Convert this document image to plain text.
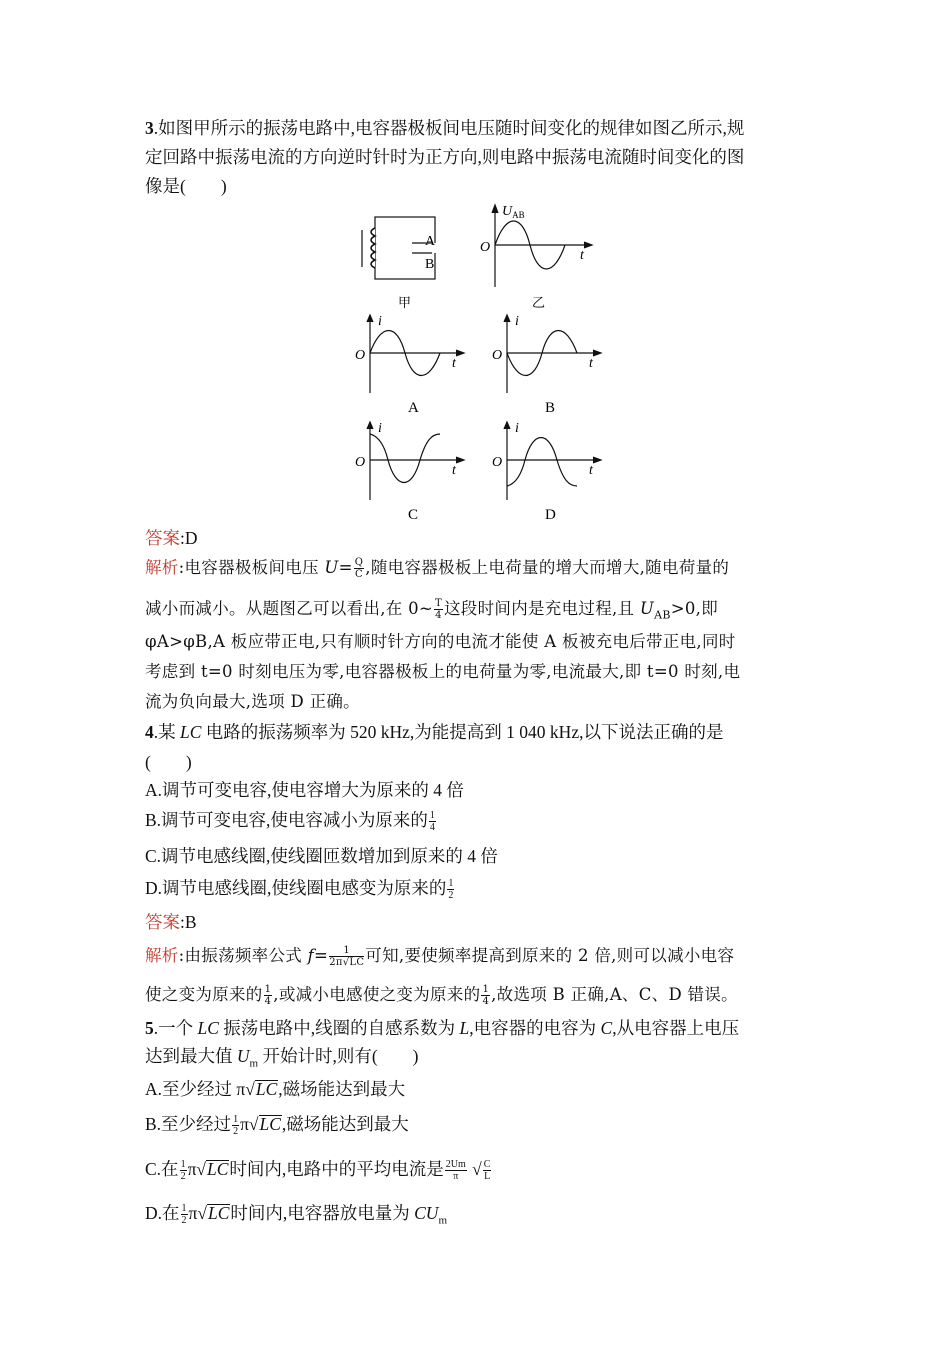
3.如图甲所示的振荡电路中,电容器极板间电压随时间变化的规律如图乙所示,规
定回路中振荡电流的方向逆时针时为正方向,则电路中振荡电流随时间变化的图
像是(　　)
A
B
甲
$U_{AB}$
O
t
乙
i
O
t
A
i
O
t
B
i
O
t
C
i
O
t
D
答案:D
解析:电容器极板间电压 $U= \frac{Q}{C}$ ,随电容器极板上电荷量的增大而增大,随电荷量的
减小而减小。从题图乙可以看出,在 0~ $\frac{T}{4}$ 这段时间内是充电过程,且 $U_{AB}>0$,即
φA>φB,A 板应带正电,只有顺时针方向的电流才能使 A 板被充电后带正电,同时
考虑到 t=0 时刻电压为零,电容器极板上的电荷量为零,电流最大,即 t=0 时刻,电
流为负向最大,选项 D 正确。
4.某 LC 电路的振荡频率为 520 kHz,为能提高到 1 040 kHz,以下说法正确的是
(　　)
A.调节可变电容,使电容增大为原来的 4 倍
B.调节可变电容,使电容减小为原来的 $\frac{1}{4}$
C.调节电感线圈,使线圈匝数增加到原来的 4 倍
D.调节电感线圈,使线圈电感变为原来的 $\frac{1}{2}$
答案:B
解析:由振荡频率公式 $f= \frac{1}{2\pi√LC}$ 可知,要使频率提高到原来的 2 倍,则可以减小电容
使之变为原来的 $\frac{1}{4}$ ,或减小电感使之变为原来的 $\frac{1}{4}$ ,故选项 B 正确,A、C、D 错误。
5.一个 LC 振荡电路中,线圈的自感系数为 L,电容器的电容为 C,从电容器上电压
达到最大值 $U_m$ 开始计时,则有(　　)
A.至少经过 π√LC,磁场能达到最大
B.至少经过 $\frac{1}{2} \pi√LC$,磁场能达到最大
C.在 $\frac{1}{2} \pi√LC$时间内,电路中的平均电流是 $\frac{2Um}{\pi}$ √ $\frac{C}{L}$
D.在 $\frac{1}{2} \pi√LC$时间内,电容器放电量为 $CU_m$
